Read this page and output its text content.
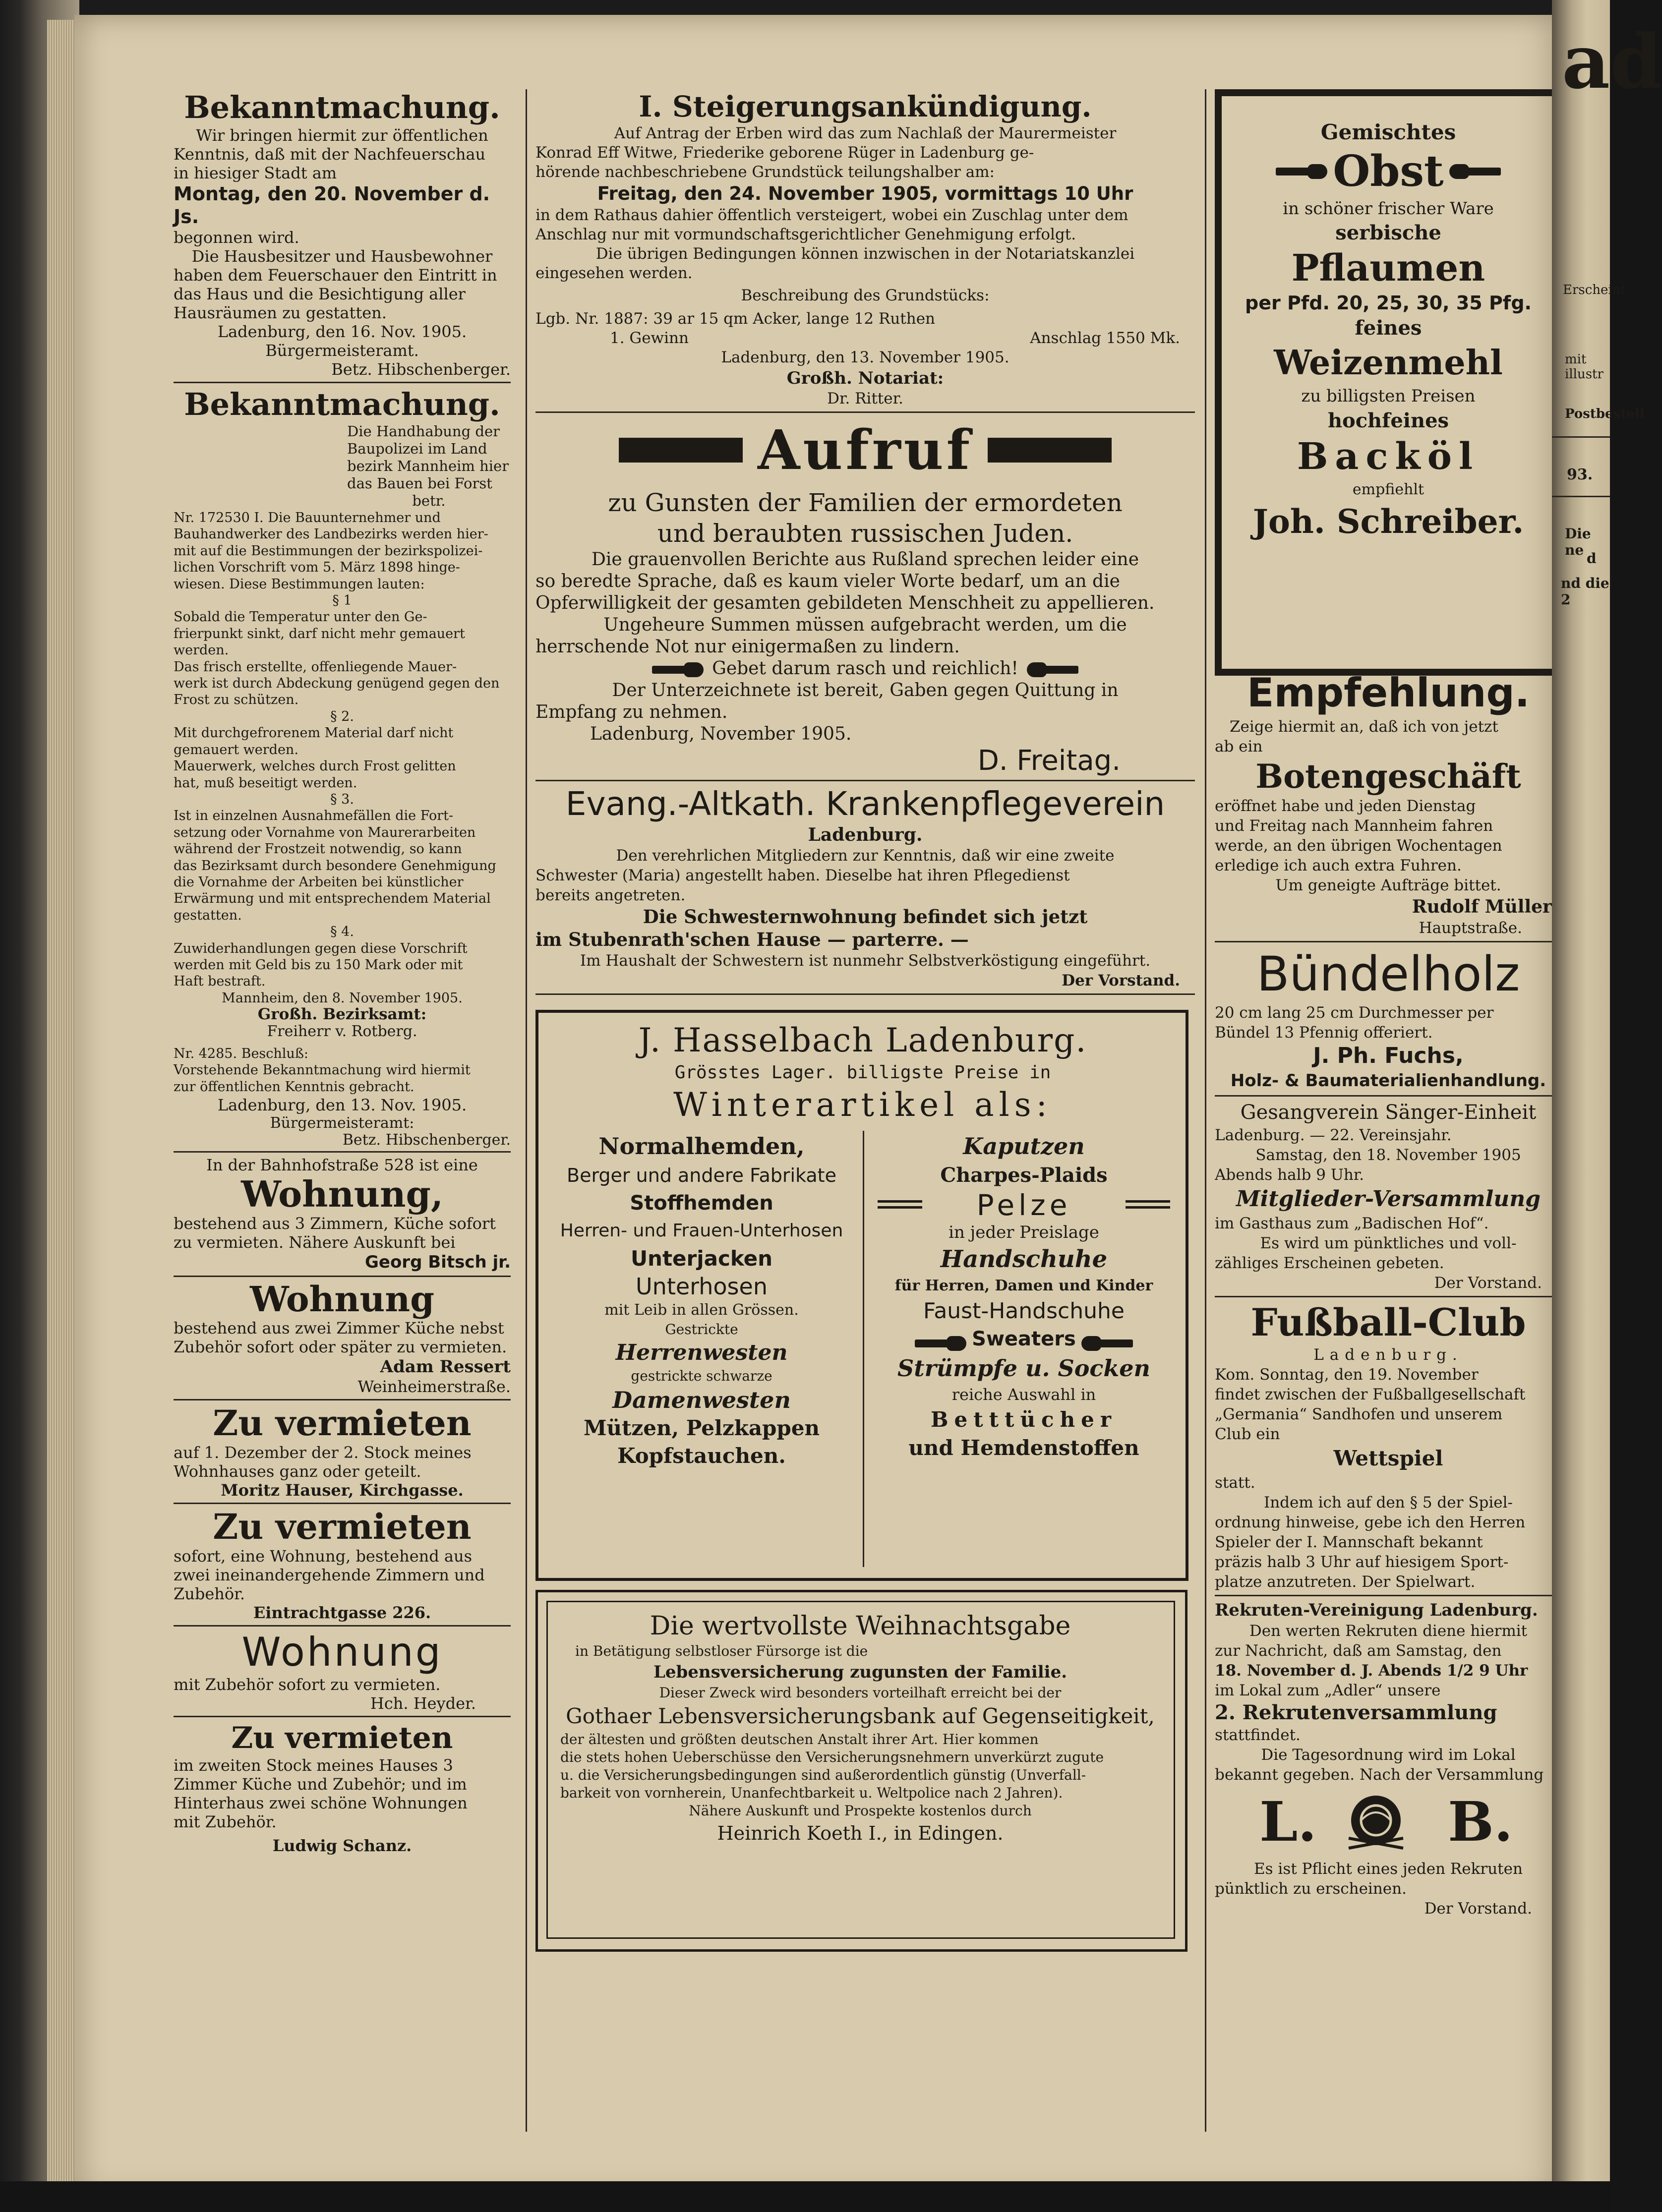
Bekanntmachung.

Wir bringen hiermit zur öffentlichen

Kenntnis, daß mit der Nachfeuerschau

in hiesiger Stadt am

Montag, den 20. November d. Js.

begonnen wird.

Die Hausbesitzer und Hausbewohner

haben dem Feuerschauer den Eintritt in

das Haus und die Besichtigung aller

Hausräumen zu gestatten.

Ladenburg, den 16. Nov. 1905.

Bürgermeisteramt.

Betz. Hibschenberger.

Bekanntmachung.

Die Handhabung der

Baupolizei im Land

bezirk Mannheim hier

das Bauen bei Forst

betr.

Nr. 172530 I. Die Bauunternehmer und
Bauhandwerker des Landbezirks werden hier-
mit auf die Bestimmungen der bezirkspolizei-
lichen Vorschrift vom 5. März 1898 hinge-
wiesen. Diese Bestimmungen lauten:
§ 1
Sobald die Temperatur unter den Ge-
frierpunkt sinkt, darf nicht mehr gemauert
werden.
Das frisch erstellte, offenliegende Mauer-
werk ist durch Abdeckung genügend gegen den
Frost zu schützen.
§ 2.
Mit durchgefrorenem Material darf nicht
gemauert werden.
Mauerwerk, welches durch Frost gelitten
hat, muß beseitigt werden.
§ 3.
Ist in einzelnen Ausnahmefällen die Fort-
setzung oder Vornahme von Maurerarbeiten
während der Frostzeit notwendig, so kann
das Bezirksamt durch besondere Genehmigung
die Vornahme der Arbeiten bei künstlicher
Erwärmung und mit entsprechendem Material
gestatten.
§ 4.
Zuwiderhandlungen gegen diese Vorschrift
werden mit Geld bis zu 150 Mark oder mit
Haft bestraft.
Mannheim, den 8. November 1905.
Großh. Bezirksamt:
Freiherr v. Rotberg.
Nr. 4285. Beschluß:
Vorstehende Bekanntmachung wird hiermit
zur öffentlichen Kenntnis gebracht.
Ladenburg, den 13. Nov. 1905.
Bürgermeisteramt:
Betz. Hibschenberger.

In der Bahnhofstraße 528 ist eine

Wohnung,

bestehend aus 3 Zimmern, Küche sofort

zu vermieten. Nähere Auskunft bei

Georg Bitsch jr.

Wohnung

bestehend aus zwei Zimmer Küche nebst

Zubehör sofort oder später zu vermieten.

Adam Ressert

Weinheimerstraße.

Zu vermieten

auf 1. Dezember der 2. Stock meines

Wohnhauses ganz oder geteilt.

Moritz Hauser, Kirchgasse.

Zu vermieten

sofort, eine Wohnung, bestehend aus

zwei ineinandergehende Zimmern und

Zubehör.

Eintrachtgasse 226.

Wohnung

mit Zubehör sofort zu vermieten.

Hch. Heyder.

Zu vermieten

im zweiten Stock meines Hauses 3

Zimmer Küche und Zubehör; und im

Hinterhaus zwei schöne Wohnungen

mit Zubehör.

Ludwig Schanz.

I. Steigerungsankündigung.
Auf Antrag der Erben wird das zum Nachlaß der Maurermeister
Konrad Eff Witwe, Friederike geborene Rüger in Ladenburg ge-
hörende nachbeschriebene Grundstück teilungshalber am:
Freitag, den 24. November 1905, vormittags 10 Uhr
in dem Rathaus dahier öffentlich versteigert, wobei ein Zuschlag unter dem
Anschlag nur mit vormundschaftsgerichtlicher Genehmigung erfolgt.
Die übrigen Bedingungen können inzwischen in der Notariatskanzlei
eingesehen werden.
Beschreibung des Grundstücks:
Lgb. Nr. 1887: 39 ar 15 qm Acker, lange 12 Ruthen
1. Gewinn	Anschlag 1550 Mk.
Ladenburg, den 13. November 1905.
Großh. Notariat:
Dr. Ritter.
Aufruf
zu Gunsten der Familien der ermordeten
und beraubten russischen Juden.
Die grauenvollen Berichte aus Rußland sprechen leider eine
so beredte Sprache, daß es kaum vieler Worte bedarf, um an die
Opferwilligkeit der gesamten gebildeten Menschheit zu appellieren.
Ungeheure Summen müssen aufgebracht werden, um die
herrschende Not nur einigermaßen zu lindern.
Gebet darum rasch und reichlich!
Der Unterzeichnete ist bereit, Gaben gegen Quittung in
Empfang zu nehmen.
Ladenburg, November 1905.
D. Freitag.
Evang.-Altkath. Krankenpflegeverein
Ladenburg.
Den verehrlichen Mitgliedern zur Kenntnis, daß wir eine zweite
Schwester (Maria) angestellt haben. Dieselbe hat ihren Pflegedienst
bereits angetreten.
Die Schwesternwohnung befindet sich jetzt
im Stubenrath'schen Hause — parterre. —
Im Haushalt der Schwestern ist nunmehr Selbstverköstigung eingeführt.
Der Vorstand.
J. Hasselbach Ladenburg.
Grösstes Lager. billigste Preise in
Winterartikel als:
Normalhemden,
Berger und andere Fabrikate
Stoffhemden
Herren- und Frauen-Unterhosen
Unterjacken
Unterhosen
mit Leib in allen Grössen.
Gestrickte
Herrenwesten
gestrickte schwarze
Damenwesten
Mützen, Pelzkappen
Kopfstauchen.
Kaputzen
Charpes-Plaids
Pelze
in jeder Preislage
Handschuhe
für Herren, Damen und Kinder
Faust-Handschuhe
Sweaters
Strümpfe u. Socken
reiche Auswahl in
Betttücher
und Hemdenstoffen
Die wertvollste Weihnachtsgabe
in Betätigung selbstloser Fürsorge ist die
Lebensversicherung zugunsten der Familie.
Dieser Zweck wird besonders vorteilhaft erreicht bei der
Gothaer Lebensversicherungsbank auf Gegenseitigkeit,
der ältesten und größten deutschen Anstalt ihrer Art. Hier kommen
die stets hohen Ueberschüsse den Versicherungsnehmern unverkürzt zugute
u. die Versicherungsbedingungen sind außerordentlich günstig (Unverfall-
barkeit von vornherein, Unanfechtbarkeit u. Weltpolice nach 2 Jahren).
Nähere Auskunft und Prospekte kostenlos durch
Heinrich Koeth I., in Edingen.
Gemischtes
Obst
in schöner frischer Ware
serbische
Pflaumen
per Pfd. 20, 25, 30, 35 Pfg.
feines
Weizenmehl
zu billigsten Preisen
hochfeines
Backöl
empfiehlt
Joh. Schreiber.
Empfehlung.
Zeige hiermit an, daß ich von jetzt
ab ein
Botengeschäft
eröffnet habe und jeden Dienstag
und Freitag nach Mannheim fahren
werde, an den übrigen Wochentagen
erledige ich auch extra Fuhren.
Um geneigte Aufträge bittet.
Rudolf Müller
Hauptstraße.
Bündelholz
20 cm lang 25 cm Durchmesser per
Bündel 13 Pfennig offeriert.
J. Ph. Fuchs,
Holz- & Baumaterialienhandlung.
Gesangverein Sänger-Einheit
Ladenburg. — 22. Vereinsjahr.
Samstag, den 18. November 1905
Abends halb 9 Uhr.
Mitglieder-Versammlung
im Gasthaus zum „Badischen Hof“.
Es wird um pünktliches und voll-
zähliges Erscheinen gebeten.
Der Vorstand.
Fußball-Club
Ladenburg.
Kom. Sonntag, den 19. November
findet zwischen der Fußballgesellschaft
„Germania“ Sandhofen und unserem
Club ein
Wettspiel
statt.
Indem ich auf den § 5 der Spiel-
ordnung hinweise, gebe ich den Herren
Spieler der I. Mannschaft bekannt
präzis halb 3 Uhr auf hiesigem Sport-
platze anzutreten. Der Spielwart.
Rekruten-Vereinigung Ladenburg.
Den werten Rekruten diene hiermit
zur Nachricht, daß am Samstag, den
18. November d. J. Abends 1/2 9 Uhr
im Lokal zum „Adler“ unsere
2. Rekrutenversammlung
stattfindet.
Die Tagesordnung wird im Lokal
bekannt gegeben. Nach der Versammlung
L. B.
Es ist Pflicht eines jeden Rekruten
pünktlich zu erscheinen.
Der Vorstand.
ad
Erscheint
mit illustr
Postbestell
93.
Die ne
d
nd die 2
